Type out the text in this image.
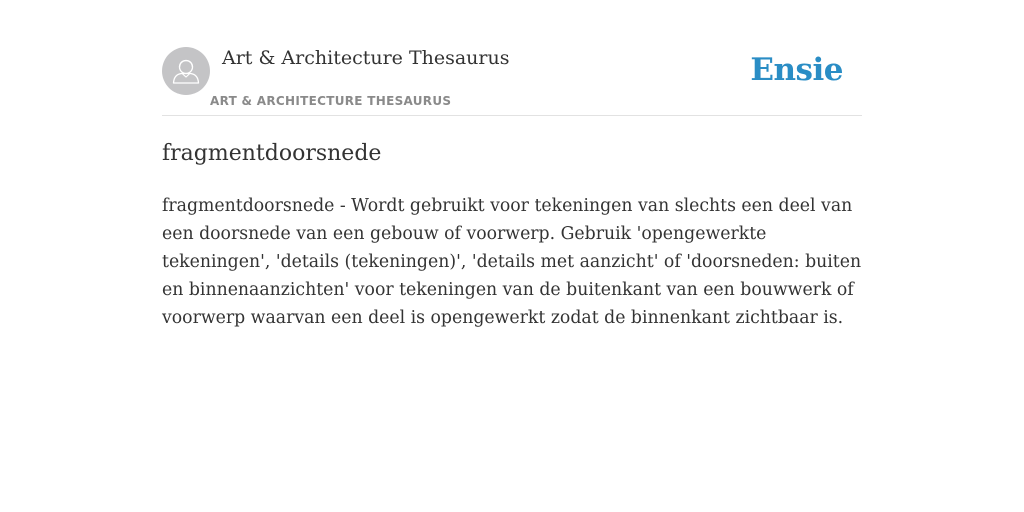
Art & Architecture Thesaurus
ART & ARCHITECTURE THESAURUS
Ensie
fragmentdoorsnede

fragmentdoorsnede - Wordt gebruikt voor tekeningen van slechts een deel van een doorsnede van een gebouw of voorwerp. Gebruik 'opengewerkte tekeningen', 'details (tekeningen)', 'details met aanzicht' of 'doorsneden: buiten en binnenaanzichten' voor tekeningen van de buitenkant van een bouwwerk of voorwerp waarvan een deel is opengewerkt zodat de binnenkant zichtbaar is.
